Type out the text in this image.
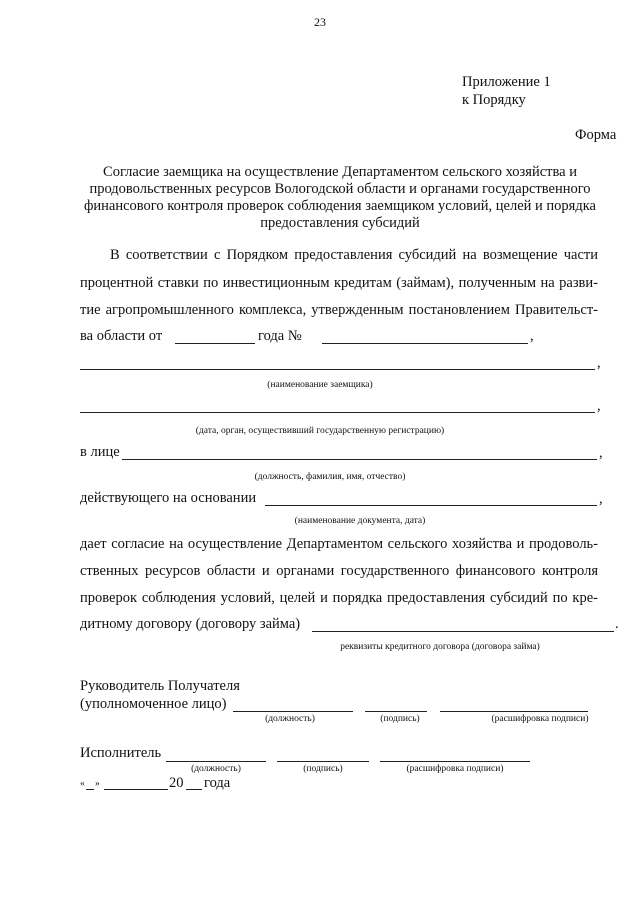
23
Приложение 1
к Порядку
Форма
Согласие заемщика на осуществление Департаментом сельского хозяйства и
продовольственных ресурсов Вологодской области и органами государственного
финансового контроля проверок соблюдения заемщиком условий, целей и порядка
предоставления субсидий
В соответствии с Порядком предоставления субсидий на возмещение части
процентной ставки по инвестиционным кредитам (займам), полученным на разви-
тие агропромышленного комплекса, утвержденным постановлением Правительст-
ва области от	года №	,
,
(наименование заемщика)
,
(дата, орган, осуществивший государственную регистрацию)
в лице	,
(должность, фамилия, имя, отчество)
действующего на основании	,
(наименование документа, дата)
дает согласие на осуществление Департаментом сельского хозяйства и продоволь-
ственных ресурсов области и органами государственного финансового контроля
проверок соблюдения условий, целей и порядка предоставления субсидий по кре-
дитному договору (договору займа)	.
реквизиты кредитного договора (договора займа)
Руководитель Получателя
(уполномоченное лицо)
(должность)	(подпись)	(расшифровка подписи)
Исполнитель
(должность)	(подпись)	(расшифровка подписи)
« »	20 года
